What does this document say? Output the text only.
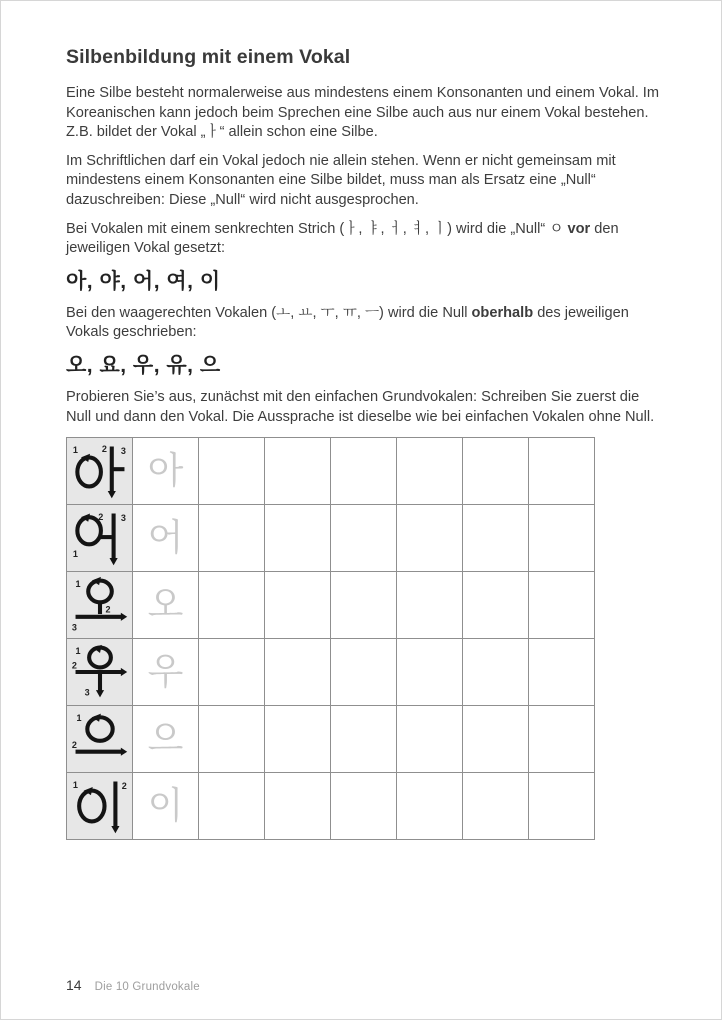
Silbenbildung mit einem Vokal

Eine Silbe besteht normalerweise aus mindestens einem Konsonanten und einem Vokal. Im Koreanischen kann jedoch beim Sprechen eine Silbe auch aus nur einem Vokal bestehen. Z.B. bildet der Vokal „ㅏ“ allein schon eine Silbe.

Im Schriftlichen darf ein Vokal jedoch nie allein stehen. Wenn er nicht gemeinsam mit mindestens einem Konsonanten eine Silbe bildet, muss man als Ersatz eine „Null“ dazuschreiben: Diese „Null“ wird nicht ausgesprochen.

Bei Vokalen mit einem senkrechten Strich (ㅏ, ㅑ, ㅓ, ㅕ, ㅣ) wird die „Null“ ㅇ vor den jeweiligen Vokal gesetzt:

아, 야, 어, 여, 이

Bei den waagerechten Vokalen (ㅗ, ㅛ, ㅜ, ㅠ, ㅡ) wird die Null oberhalb des jeweiligen Vokals geschrieben:

오, 요, 우, 유, 으

Probieren Sie’s aus, zunächst mit den einfachen Grundvokalen: Schreiben Sie zuerst die Null und dann den Vokal. Die Aussprache ist dieselbe wie bei einfachen Vokalen ohne Null.

1 2 3	아						

1
2 3	어						

1
2
3	오						

1
2
3	우						

1
2	으						

1 2	이						
14 Die 10 Grundvokale
